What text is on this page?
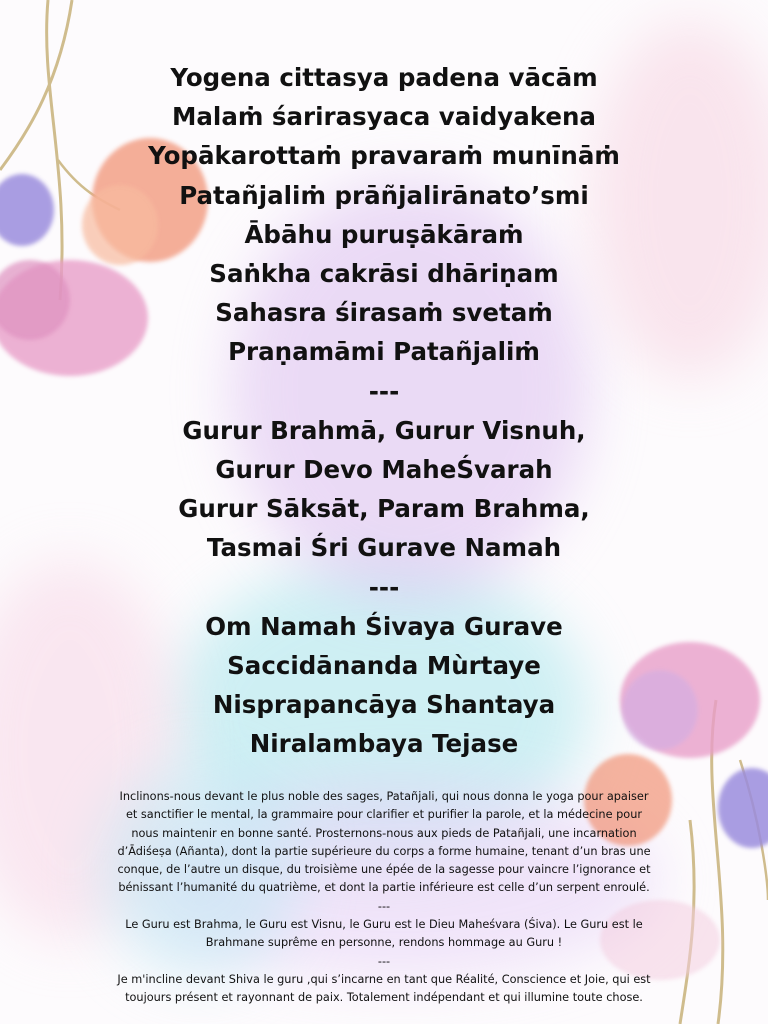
Yogena cittasya padena vācām
Malaṁ śarirasyaca vaidyakena
Yopākarottaṁ pravaraṁ munīnāṁ
Patañjaliṁ prāñjalirānato’smi
Ābāhu puruṣākāraṁ
Saṅkha cakrāsi dhāriṇam
Sahasra śirasaṁ svetaṁ
Praṇamāmi Patañjaliṁ
---
Gurur Brahmā, Gurur Visnuh,
Gurur Devo MaheŚvarah
Gurur Sāksāt, Param Brahma,
Tasmai Śri Gurave Namah
---
Om Namah Śivaya Gurave
Saccidānanda Mùrtaye
Nisprapancāya Shantaya
Niralambaya Tejase

Inclinons-nous devant le plus noble des sages, Patañjali, qui nous donna le yoga pour apaiser

et sanctifier le mental, la grammaire pour clarifier et purifier la parole, et la médecine pour

nous maintenir en bonne santé. Prosternons-nous aux pieds de Patañjali, une incarnation

d’Ādiśeṣa (Añanta), dont la partie supérieure du corps a forme humaine, tenant d’un bras une

conque, de l’autre un disque, du troisième une épée de la sagesse pour vaincre l’ignorance et

bénissant l’humanité du quatrième, et dont la partie inférieure est celle d’un serpent enroulé.

---

Le Guru est Brahma, le Guru est Visnu, le Guru est le Dieu Maheśvara (Śiva). Le Guru est le

Brahmane suprême en personne, rendons hommage au Guru !

---

Je m'incline devant Shiva le guru ,qui s’incarne en tant que Réalité, Conscience et Joie, qui est

toujours présent et rayonnant de paix. Totalement indépendant et qui illumine toute chose.
